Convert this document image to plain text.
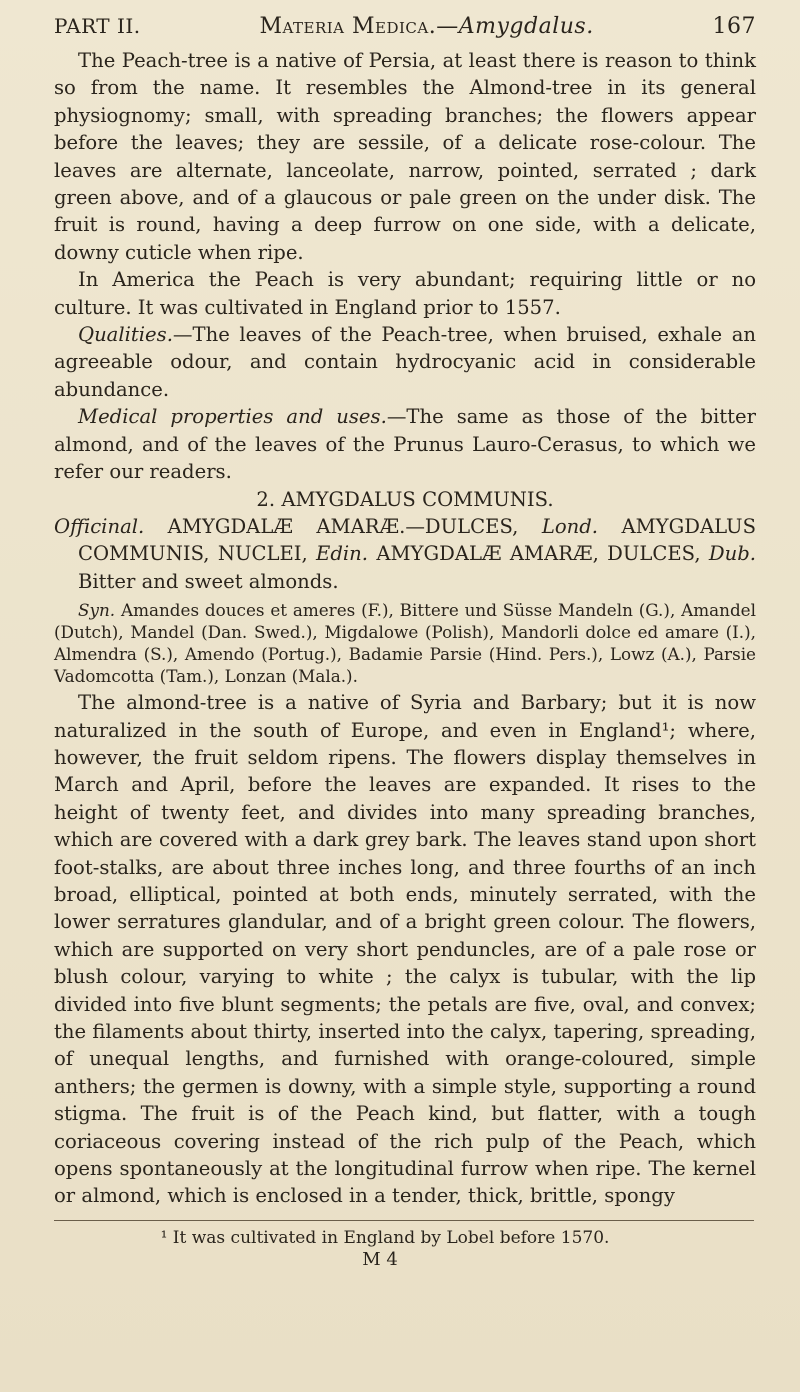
PART II.	Materia Medica.—Amygdalus.	167

The Peach-tree is a native of Persia, at least there is reason to think so from the name. It resembles the Almond-tree in its general physiognomy; small, with spreading branches; the flowers appear before the leaves; they are sessile, of a delicate rose-colour. The leaves are alternate, lanceolate, narrow, pointed, serrated ; dark green above, and of a glaucous or pale green on the under disk. The fruit is round, having a deep furrow on one side, with a delicate, downy cuticle when ripe.

In America the Peach is very abundant; requiring little or no culture. It was cultivated in England prior to 1557.

Qualities.—The leaves of the Peach-tree, when bruised, exhale an agreeable odour, and contain hydrocyanic acid in considerable abundance.

Medical properties and uses.—The same as those of the bitter almond, and of the leaves of the Prunus Lauro-Cerasus, to which we refer our readers.

2. AMYGDALUS COMMUNIS.

Officinal. AMYGDALÆ AMARÆ.—DULCES, Lond. AMYGDALUS COMMUNIS, NUCLEI, Edin. AMYGDALÆ AMARÆ, DULCES, Dub. Bitter and sweet almonds.

Syn. Amandes douces et ameres (F.), Bittere und Süsse Mandeln (G.), Amandel (Dutch), Mandel (Dan. Swed.), Migdalowe (Polish), Mandorli dolce ed amare (I.), Almendra (S.), Amendo (Portug.), Badamie Parsie (Hind. Pers.), Lowz (A.), Parsie Vadomcotta (Tam.), Lonzan (Mala.).

The almond-tree is a native of Syria and Barbary; but it is now naturalized in the south of Europe, and even in England¹; where, however, the fruit seldom ripens. The flowers display themselves in March and April, before the leaves are expanded. It rises to the height of twenty feet, and divides into many spreading branches, which are covered with a dark grey bark. The leaves stand upon short foot-stalks, are about three inches long, and three fourths of an inch broad, elliptical, pointed at both ends, minutely serrated, with the lower serratures glandular, and of a bright green colour. The flowers, which are supported on very short penduncles, are of a pale rose or blush colour, varying to white ; the calyx is tubular, with the lip divided into five blunt segments; the petals are five, oval, and convex; the filaments about thirty, inserted into the calyx, tapering, spreading, of unequal lengths, and furnished with orange-coloured, simple anthers; the germen is downy, with a simple style, supporting a round stigma. The fruit is of the Peach kind, but flatter, with a tough coriaceous covering instead of the rich pulp of the Peach, which opens spontaneously at the longitudinal furrow when ripe. The kernel or almond, which is enclosed in a tender, thick, brittle, spongy

¹ It was cultivated in England by Lobel before 1570.
M 4
